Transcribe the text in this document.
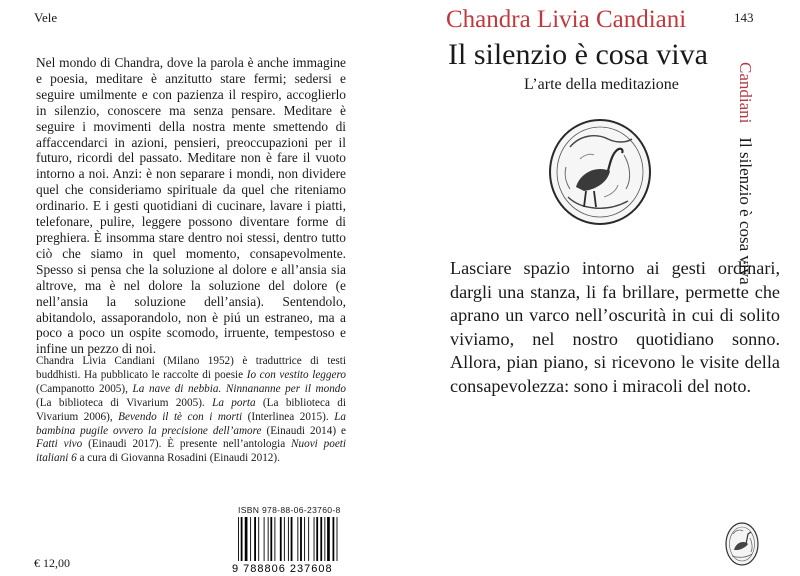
Vele
Nel mondo di Chandra, dove la parola è anche immagine e poesia, meditare è anzitutto stare fermi; sedersi e seguire umilmente e con pazienza il respiro, accoglierlo in silenzio, conoscere ma senza pensare. Meditare è seguire i movimenti della nostra mente smettendo di affaccendarci in azioni, pensieri, preoccupazioni per il futuro, ricordi del passato. Meditare non è fare il vuoto intorno a noi. Anzi: è non separare i mondi, non dividere quel che consideriamo spirituale da quel che riteniamo ordinario. E i gesti quotidiani di cucinare, lavare i piatti, telefonare, pulire, leggere possono diventare forme di preghiera. È insomma stare dentro noi stessi, dentro tutto ciò che siamo in quel momento, consapevolmente. Spesso si pensa che la soluzione al dolore e all’ansia sia altrove, ma è nel dolore la soluzione del dolore (e nell’ansia la soluzione dell’ansia). Sentendolo, abitandolo, assaporandolo, non è piú un estraneo, ma a poco a poco un ospite scomodo, irruente, tempestoso e infine un pezzo di noi.
Chandra Livia Candiani (Milano 1952) è traduttrice di testi buddhisti. Ha pubblicato le raccolte di poesie Io con vestito leggero (Campanotto 2005), La nave di nebbia. Ninnananne per il mondo (La biblioteca di Vivarium 2005). La porta (La biblioteca di Vivarium 2006), Bevendo il tè con i morti (Interlinea 2015). La bambina pugile ovvero la precisione dell’amore (Einaudi 2014) e Fatti vivo (Einaudi 2017). È presente nell’antologia Nuovi poeti italiani 6 a cura di Giovanna Rosadini (Einaudi 2012).
ISBN 978-88-06-23760-8
9 788806 237608
€ 12,00
143
CandianiIl silenzio è cosa viva
Chandra Livia Candiani
Il silenzio è cosa viva
L’arte della meditazione
Lasciare spazio intorno ai gesti ordinari, dargli una stanza, li fa brillare, permette che aprano un varco nell’oscurità in cui di solito viviamo, nel nostro quotidiano sonno. Allora, pian piano, si ricevono le visite della consapevolezza: sono i miracoli del noto.
